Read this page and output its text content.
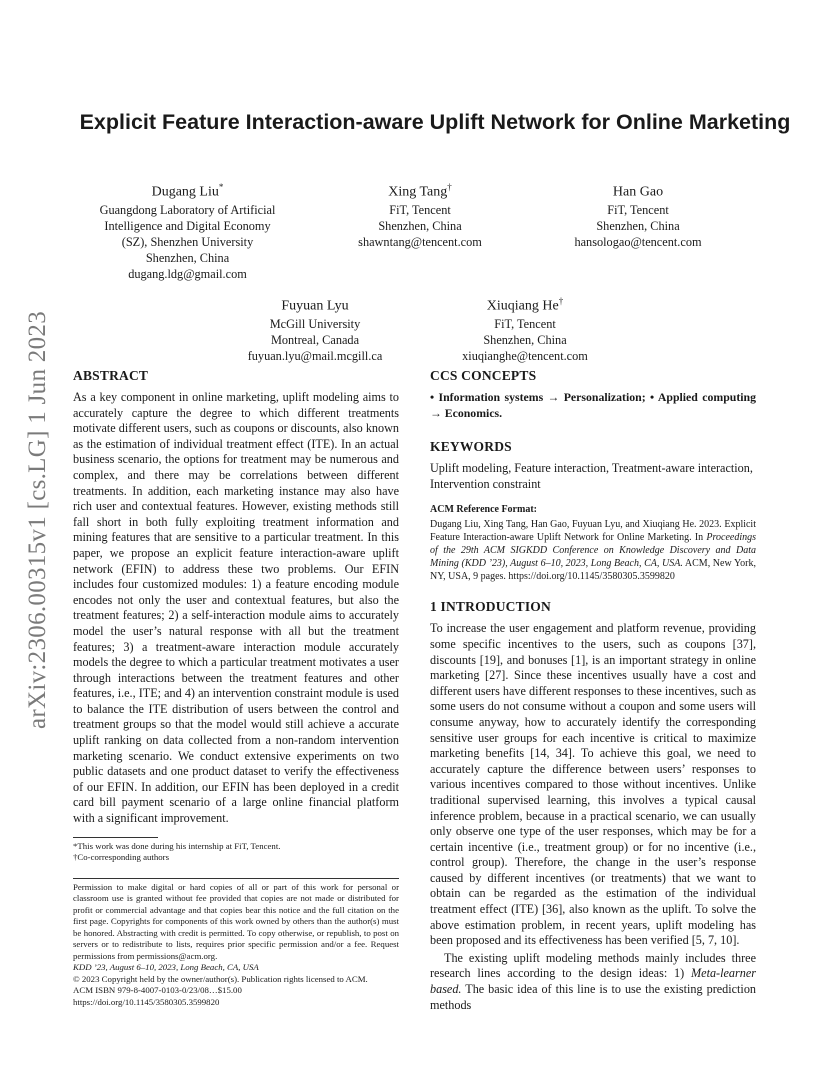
arXiv:2306.00315v1 [cs.LG] 1 Jun 2023
Explicit Feature Interaction-aware Uplift Network for Online Marketing
Dugang Liu*
Guangdong Laboratory of Artificial
Intelligence and Digital Economy
(SZ), Shenzhen University
Shenzhen, China
dugang.ldg@gmail.com
Xing Tang†
FiT, Tencent
Shenzhen, China
shawntang@tencent.com
Han Gao
FiT, Tencent
Shenzhen, China
hansologao@tencent.com
Fuyuan Lyu
McGill University
Montreal, Canada
fuyuan.lyu@mail.mcgill.ca
Xiuqiang He†
FiT, Tencent
Shenzhen, China
xiuqianghe@tencent.com
ABSTRACT

As a key component in online marketing, uplift modeling aims to accurately capture the degree to which different treatments motivate different users, such as coupons or discounts, also known as the estimation of individual treatment effect (ITE). In an actual business scenario, the options for treatment may be numerous and complex, and there may be correlations between different treatments. In addition, each marketing instance may also have rich user and contextual features. However, existing methods still fall short in both fully exploiting treatment information and mining features that are sensitive to a particular treatment. In this paper, we propose an explicit feature interaction-aware uplift network (EFIN) to address these two problems. Our EFIN includes four customized modules: 1) a feature encoding module encodes not only the user and contextual features, but also the treatment features; 2) a self-interaction module aims to accurately model the user’s natural response with all but the treatment features; 3) a treatment-aware interaction module accurately models the degree to which a particular treatment motivates a user through interactions between the treatment features and other features, i.e., ITE; and 4) an intervention constraint module is used to balance the ITE distribution of users between the control and treatment groups so that the model would still achieve a accurate uplift ranking on data collected from a non-random intervention marketing scenario. We conduct extensive experiments on two public datasets and one product dataset to verify the effectiveness of our EFIN. In addition, our EFIN has been deployed in a credit card bill payment scenario of a large online financial platform with a significant improvement.

*This work was done during his internship at FiT, Tencent.

†Co-corresponding authors

Permission to make digital or hard copies of all or part of this work for personal or classroom use is granted without fee provided that copies are not made or distributed for profit or commercial advantage and that copies bear this notice and the full citation on the first page. Copyrights for components of this work owned by others than the author(s) must be honored. Abstracting with credit is permitted. To copy otherwise, or republish, to post on servers or to redistribute to lists, requires prior specific permission and/or a fee. Request permissions from permissions@acm.org.

KDD ’23, August 6–10, 2023, Long Beach, CA, USA

© 2023 Copyright held by the owner/author(s). Publication rights licensed to ACM.

ACM ISBN 979-8-4007-0103-0/23/08…$15.00

https://doi.org/10.1145/3580305.3599820

CCS CONCEPTS

• Information systems → Personalization; • Applied computing → Economics.

KEYWORDS

Uplift modeling, Feature interaction, Treatment-aware interaction, Intervention constraint

ACM Reference Format:

Dugang Liu, Xing Tang, Han Gao, Fuyuan Lyu, and Xiuqiang He. 2023. Explicit Feature Interaction-aware Uplift Network for Online Marketing. In Proceedings of the 29th ACM SIGKDD Conference on Knowledge Discovery and Data Mining (KDD ’23), August 6–10, 2023, Long Beach, CA, USA. ACM, New York, NY, USA, 9 pages. https://doi.org/10.1145/3580305.3599820

1 INTRODUCTION

To increase the user engagement and platform revenue, providing some specific incentives to the users, such as coupons [37], discounts [19], and bonuses [1], is an important strategy in online marketing [27]. Since these incentives usually have a cost and different users have different responses to these incentives, such as some users do not consume without a coupon and some users will consume anyway, how to accurately identify the corresponding sensitive user groups for each incentive is critical to maximize marketing benefits [14, 34]. To achieve this goal, we need to accurately capture the difference between users’ responses to various incentives compared to those without incentives. Unlike traditional supervised learning, this involves a typical causal inference problem, because in a practical scenario, we can usually only observe one type of the user responses, which may be for a certain incentive (i.e., treatment group) or for no incentive (i.e., control group). Therefore, the change in the user’s response caused by different incentives (or treatments) that we want to obtain can be regarded as the estimation of the individual treatment effect (ITE) [36], also known as the uplift. To solve the above estimation problem, in recent years, uplift modeling has been proposed and its effectiveness has been verified [5, 7, 10].

The existing uplift modeling methods mainly includes three research lines according to the design ideas: 1) Meta-learner based. The basic idea of this line is to use the existing prediction methods
